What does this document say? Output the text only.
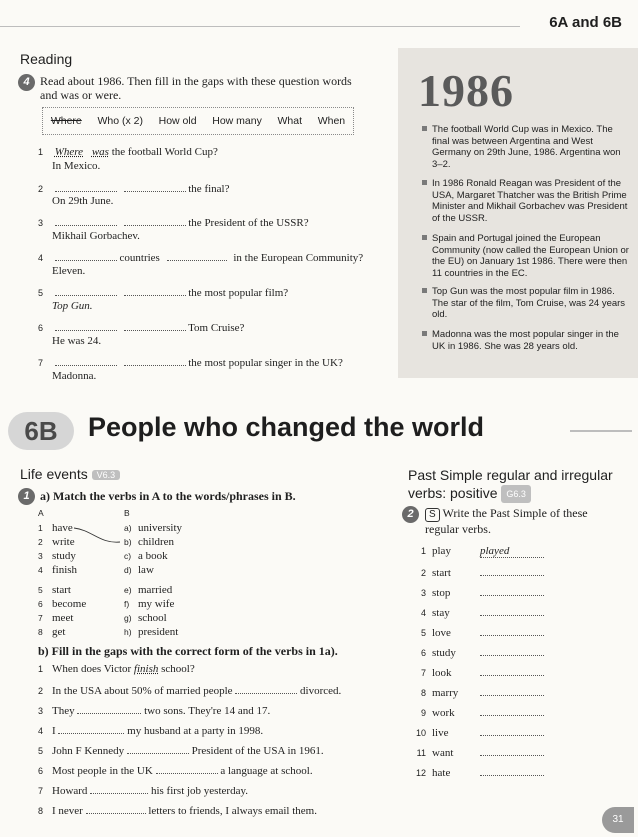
6A and 6B
Reading
4 Read about 1986. Then fill in the gaps with these question words
and was or were.
Where Who (x 2) How old How many What When
1 Where was the football World Cup?
In Mexico.
2	the final?
On 29th June.
3	the President of the USSR?
Mikhail Gorbachev.
4	countries	in the European Community?
Eleven.
5	the most popular film?
Top Gun.
6	Tom Cruise?
He was 24.
7	the most popular singer in the UK?
Madonna.
1986
The football World Cup was in Mexico. The final was between Argentina and West Germany on 29th June, 1986. Argentina won 3–2.
In 1986 Ronald Reagan was President of the USA, Margaret Thatcher was the British Prime Minister and Mikhail Gorbachev was President of the USSR.
Spain and Portugal joined the European Community (now called the European Union or the EU) on January 1st 1986. There were then 11 countries in the EC.
Top Gun was the most popular film in 1986. The star of the film, Tom Cruise, was 24 years old.
Madonna was the most popular singer in the UK in 1986. She was 28 years old.
6B	People who changed the world
Life events V6.3
1 a) Match the verbs in A to the words/phrases in B.
A	B
1 have	a) university
2 write	b) children
3 study	c) a book
4 finish	d) law
5 start	e) married
6 become	f) my wife
7 meet	g) school
8 get	h) president
b) Fill in the gaps with the correct form of the verbs in 1a).
1 When does Victor finish school?
2 In the USA about 50% of married people	divorced.
3 They	two sons. They're 14 and 17.
4 I	my husband at a party in 1998.
5 John F Kennedy	President of the USA in 1961.
6 Most people in the UK	a language at school.
7 Howard	his first job yesterday.
8 I never	letters to friends, I always email them.
Past Simple regular and irregular
verbs: positive G6.3
2	S Write the Past Simple of these
regular verbs.
1 play	played
2 start
3 stop
4 stay
5 love
6 study
7 look
8 marry
9 work
10 live
11 want
12 hate
31
